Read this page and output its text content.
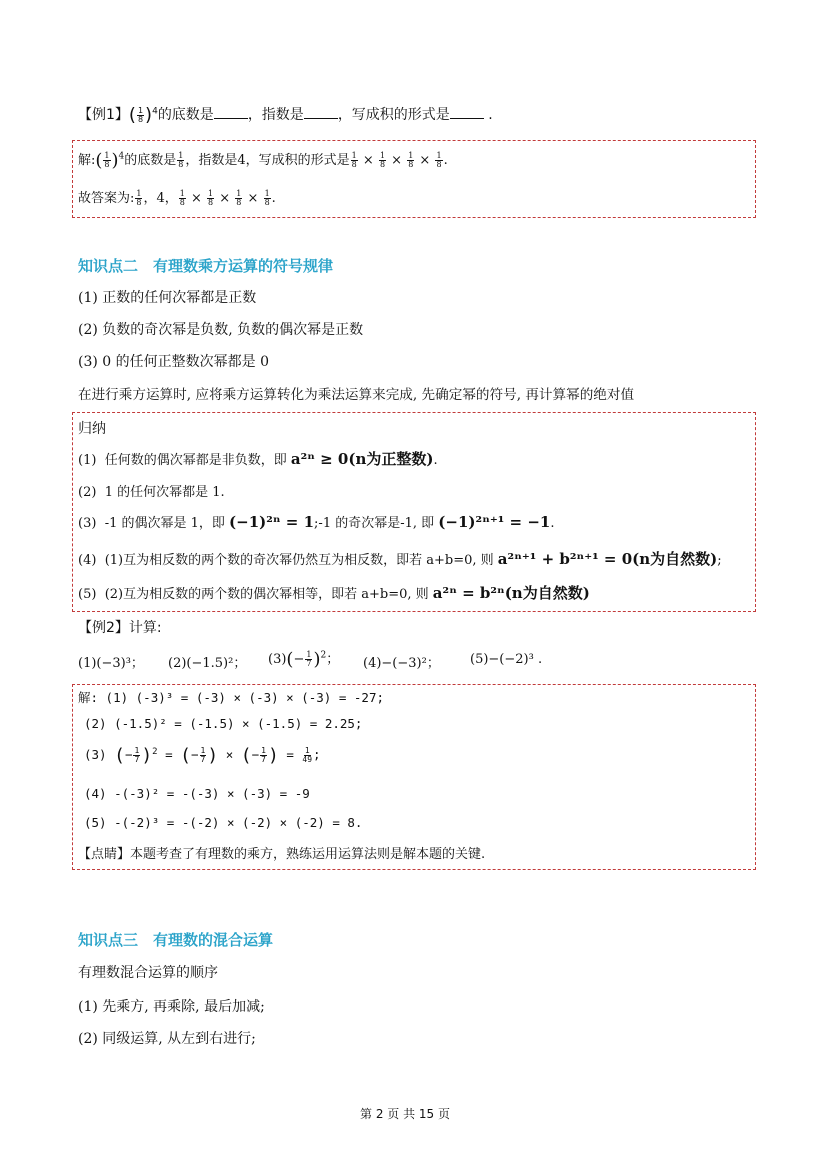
【例1】( $\frac{1}{8} )^4$的底数是 ，指数是 ，写成积的形式是	.
解:( $\frac{1}{8} )^4$的底数是 $\frac{1}{8}$ ，指数是4，写成积的形式是 $\frac{1}{8} \times \frac{1}{8} \times \frac{1}{8} \times \frac{1}{8}$ .
故答案为: $\frac{1}{8}$ ，4， $\frac{1}{8} \times \frac{1}{8} \times \frac{1}{8} \times \frac{1}{8}$ .
知识点二　有理数乘方运算的符号规律
(1) 正数的任何次幂都是正数
(2) 负数的奇次幂是负数, 负数的偶次幂是正数
(3) 0 的任何正整数次幂都是 0
在进行乘方运算时, 应将乘方运算转化为乘法运算来完成, 先确定幂的符号, 再计算幂的绝对值
归纳
(1) 任何数的偶次幂都是非负数，即 a²ⁿ ≥ 0(n为正整数).
(2) 1 的任何次幂都是 1.
(3) -1 的偶次幂是 1，即 (−1)²ⁿ = 1;-1 的奇次幂是-1, 即 (−1)²ⁿ⁺¹ = −1.
(4) (1)互为相反数的两个数的奇次幂仍然互为相反数，即若 a+b=0, 则 a²ⁿ⁺¹ + b²ⁿ⁺¹ = 0(n为自然数);
(5) (2)互为相反数的两个数的偶次幂相等，即若 a+b=0, 则 a²ⁿ = b²ⁿ(n为自然数)
【例2】计算:
(1)(−3)³； (2)(−1.5)²； $(3)(- \frac{1}{7} )^2$； (4)−(−3)²； (5)−(−2)³ .
解: (1) (-3)³ = (-3) × (-3) × (-3) = -27;
(2) (-1.5)² = (-1.5) × (-1.5) = 2.25;
(3) (− $\frac{1}{7} )^2$ = (− $\frac{1}{7}$ ) × (− $\frac{1}{7}$ ) = $\frac{1}{49}$ ;
(4) -(-3)² = -(-3) × (-3) = -9
(5) -(-2)³ = -(-2) × (-2) × (-2) = 8.
【点睛】本题考查了有理数的乘方，熟练运用运算法则是解本题的关键.
知识点三　有理数的混合运算
有理数混合运算的顺序
(1) 先乘方, 再乘除, 最后加减;
(2) 同级运算, 从左到右进行;
第 2 页 共 15 页
